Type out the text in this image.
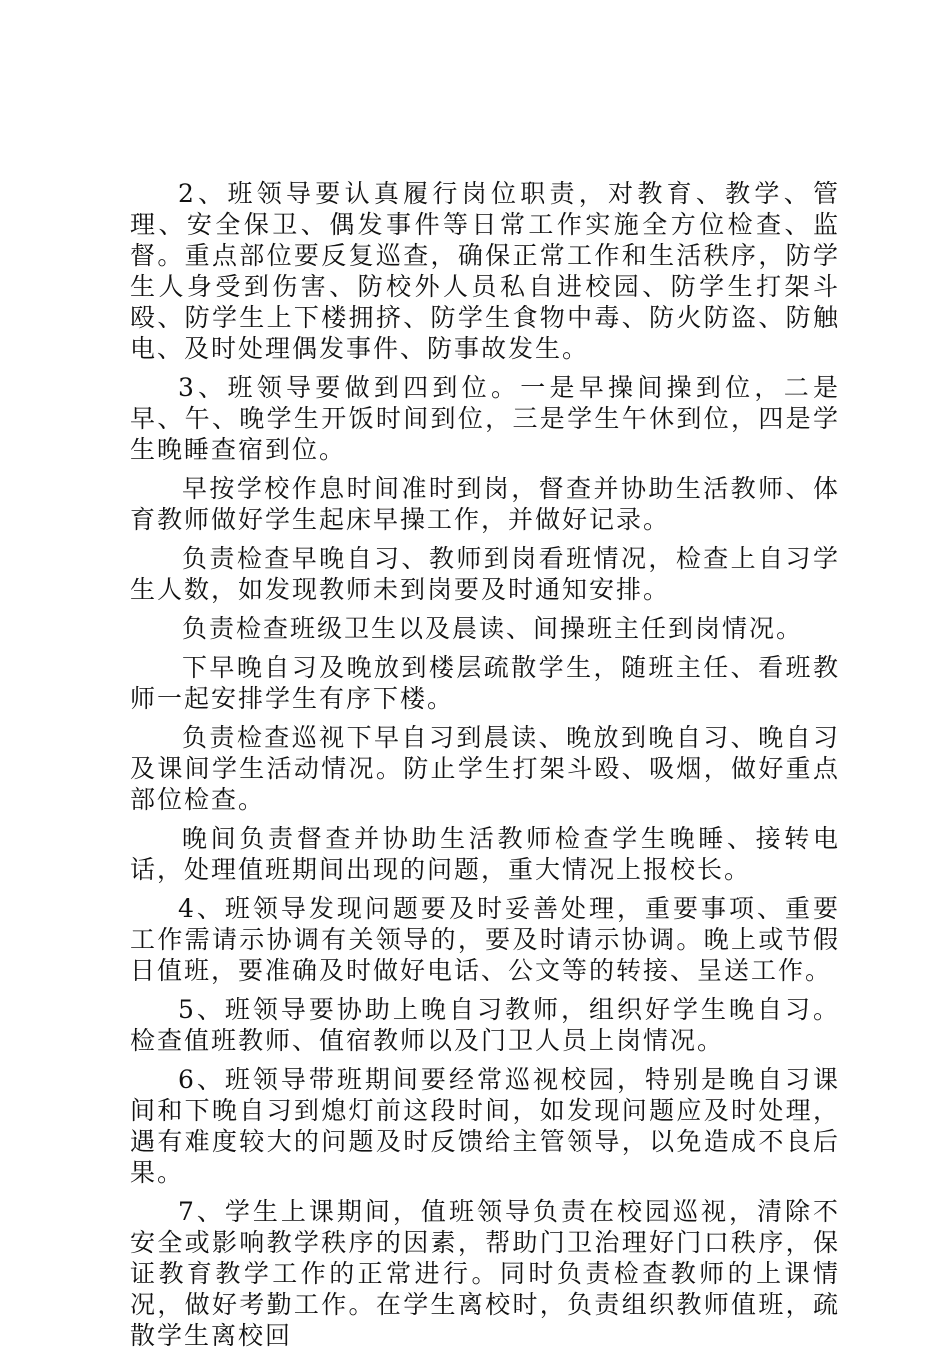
2、班领导要认真履行岗位职责，对教育、教学、管理、安全保卫、偶发事件等日常工作实施全方位检查、监督。重点部位要反复巡查，确保正常工作和生活秩序，防学生人身受到伤害、防校外人员私自进校园、防学生打架斗殴、防学生上下楼拥挤、防学生食物中毒、防火防盗、防触电、及时处理偶发事件、防事故发生。

3、班领导要做到四到位。一是早操间操到位，二是早、午、晚学生开饭时间到位，三是学生午休到位，四是学生晚睡查宿到位。

早按学校作息时间准时到岗，督查并协助生活教师、体育教师做好学生起床早操工作，并做好记录。

负责检查早晚自习、教师到岗看班情况，检查上自习学生人数，如发现教师未到岗要及时通知安排。

负责检查班级卫生以及晨读、间操班主任到岗情况。

下早晚自习及晚放到楼层疏散学生，随班主任、看班教师一起安排学生有序下楼。

负责检查巡视下早自习到晨读、晚放到晚自习、晚自习及课间学生活动情况。防止学生打架斗殴、吸烟，做好重点部位检查。

晚间负责督查并协助生活教师检查学生晚睡、接转电话，处理值班期间出现的问题，重大情况上报校长。

4、班领导发现问题要及时妥善处理，重要事项、重要工作需请示协调有关领导的，要及时请示协调。晚上或节假日值班，要准确及时做好电话、公文等的转接、呈送工作。

5、班领导要协助上晚自习教师，组织好学生晚自习。检查值班教师、值宿教师以及门卫人员上岗情况。

6、班领导带班期间要经常巡视校园，特别是晚自习课间和下晚自习到熄灯前这段时间，如发现问题应及时处理，遇有难度较大的问题及时反馈给主管领导，以免造成不良后果。

7、学生上课期间，值班领导负责在校园巡视，清除不安全或影响教学秩序的因素，帮助门卫治理好门口秩序，保证教育教学工作的正常进行。同时负责检查教师的上课情况，做好考勤工作。在学生离校时，负责组织教师值班，疏散学生离校回
